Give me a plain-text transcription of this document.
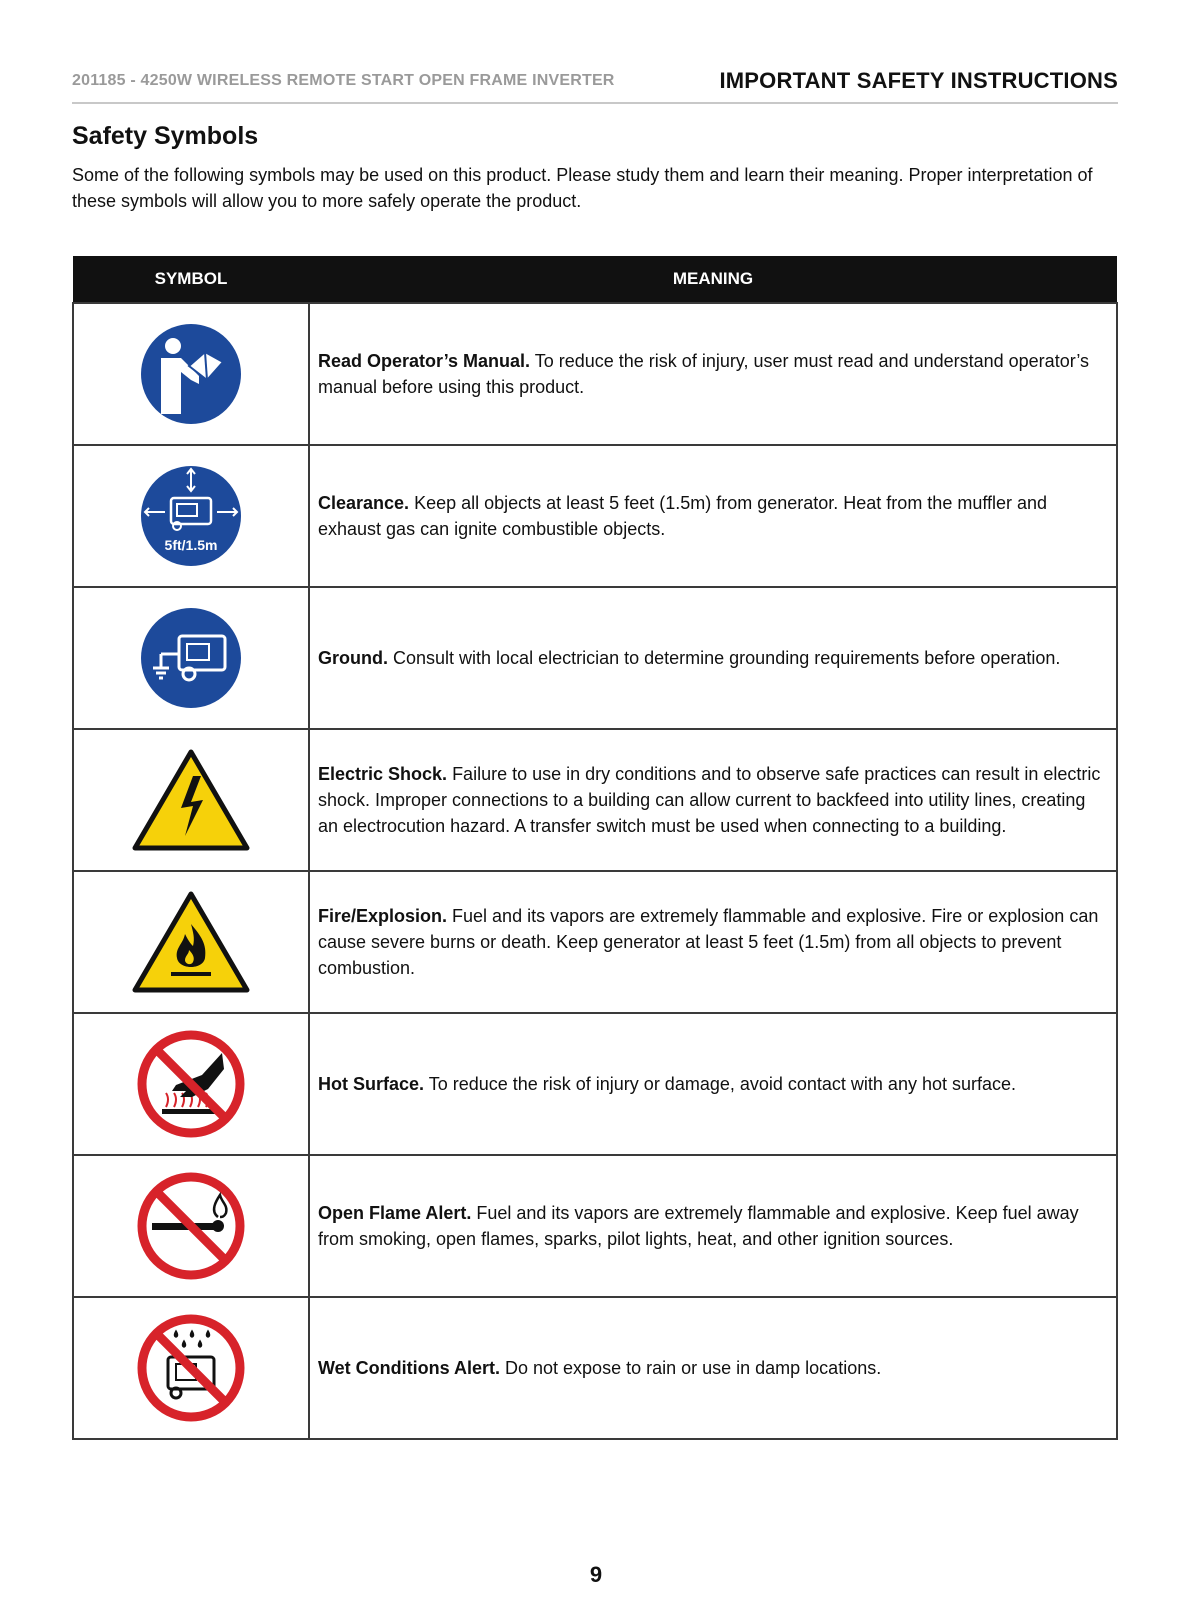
201185 - 4250W WIRELESS REMOTE START OPEN FRAME INVERTER	IMPORTANT SAFETY INSTRUCTIONS
Safety Symbols

Some of the following symbols may be used on this product. Please study them and learn their meaning. Proper interpretation of these symbols will allow you to more safely operate the product.

SYMBOL	MEANING

	Read Operator’s Manual. To reduce the risk of injury, user must read and understand operator’s manual before using this product.

5ft/1.5m	Clearance. Keep all objects at least 5 feet (1.5m) from generator. Heat from the muffler and exhaust gas can ignite combustible objects.

	Ground. Consult with local electrician to determine grounding requirements before operation.

	Electric Shock. Failure to use in dry conditions and to observe safe practices can result in electric shock. Improper connections to a building can allow current to backfeed into utility lines, creating an electrocution hazard. A transfer switch must be used when connecting to a building.

	Fire/Explosion. Fuel and its vapors are extremely flammable and explosive. Fire or explosion can cause severe burns or death. Keep generator at least 5 feet (1.5m) from all objects to prevent combustion.

	Hot Surface. To reduce the risk of injury or damage, avoid contact with any hot surface.

	Open Flame Alert. Fuel and its vapors are extremely flammable and explosive. Keep fuel away from smoking, open flames, sparks, pilot lights, heat, and other ignition sources.

	Wet Conditions Alert. Do not expose to rain or use in damp locations.
9
